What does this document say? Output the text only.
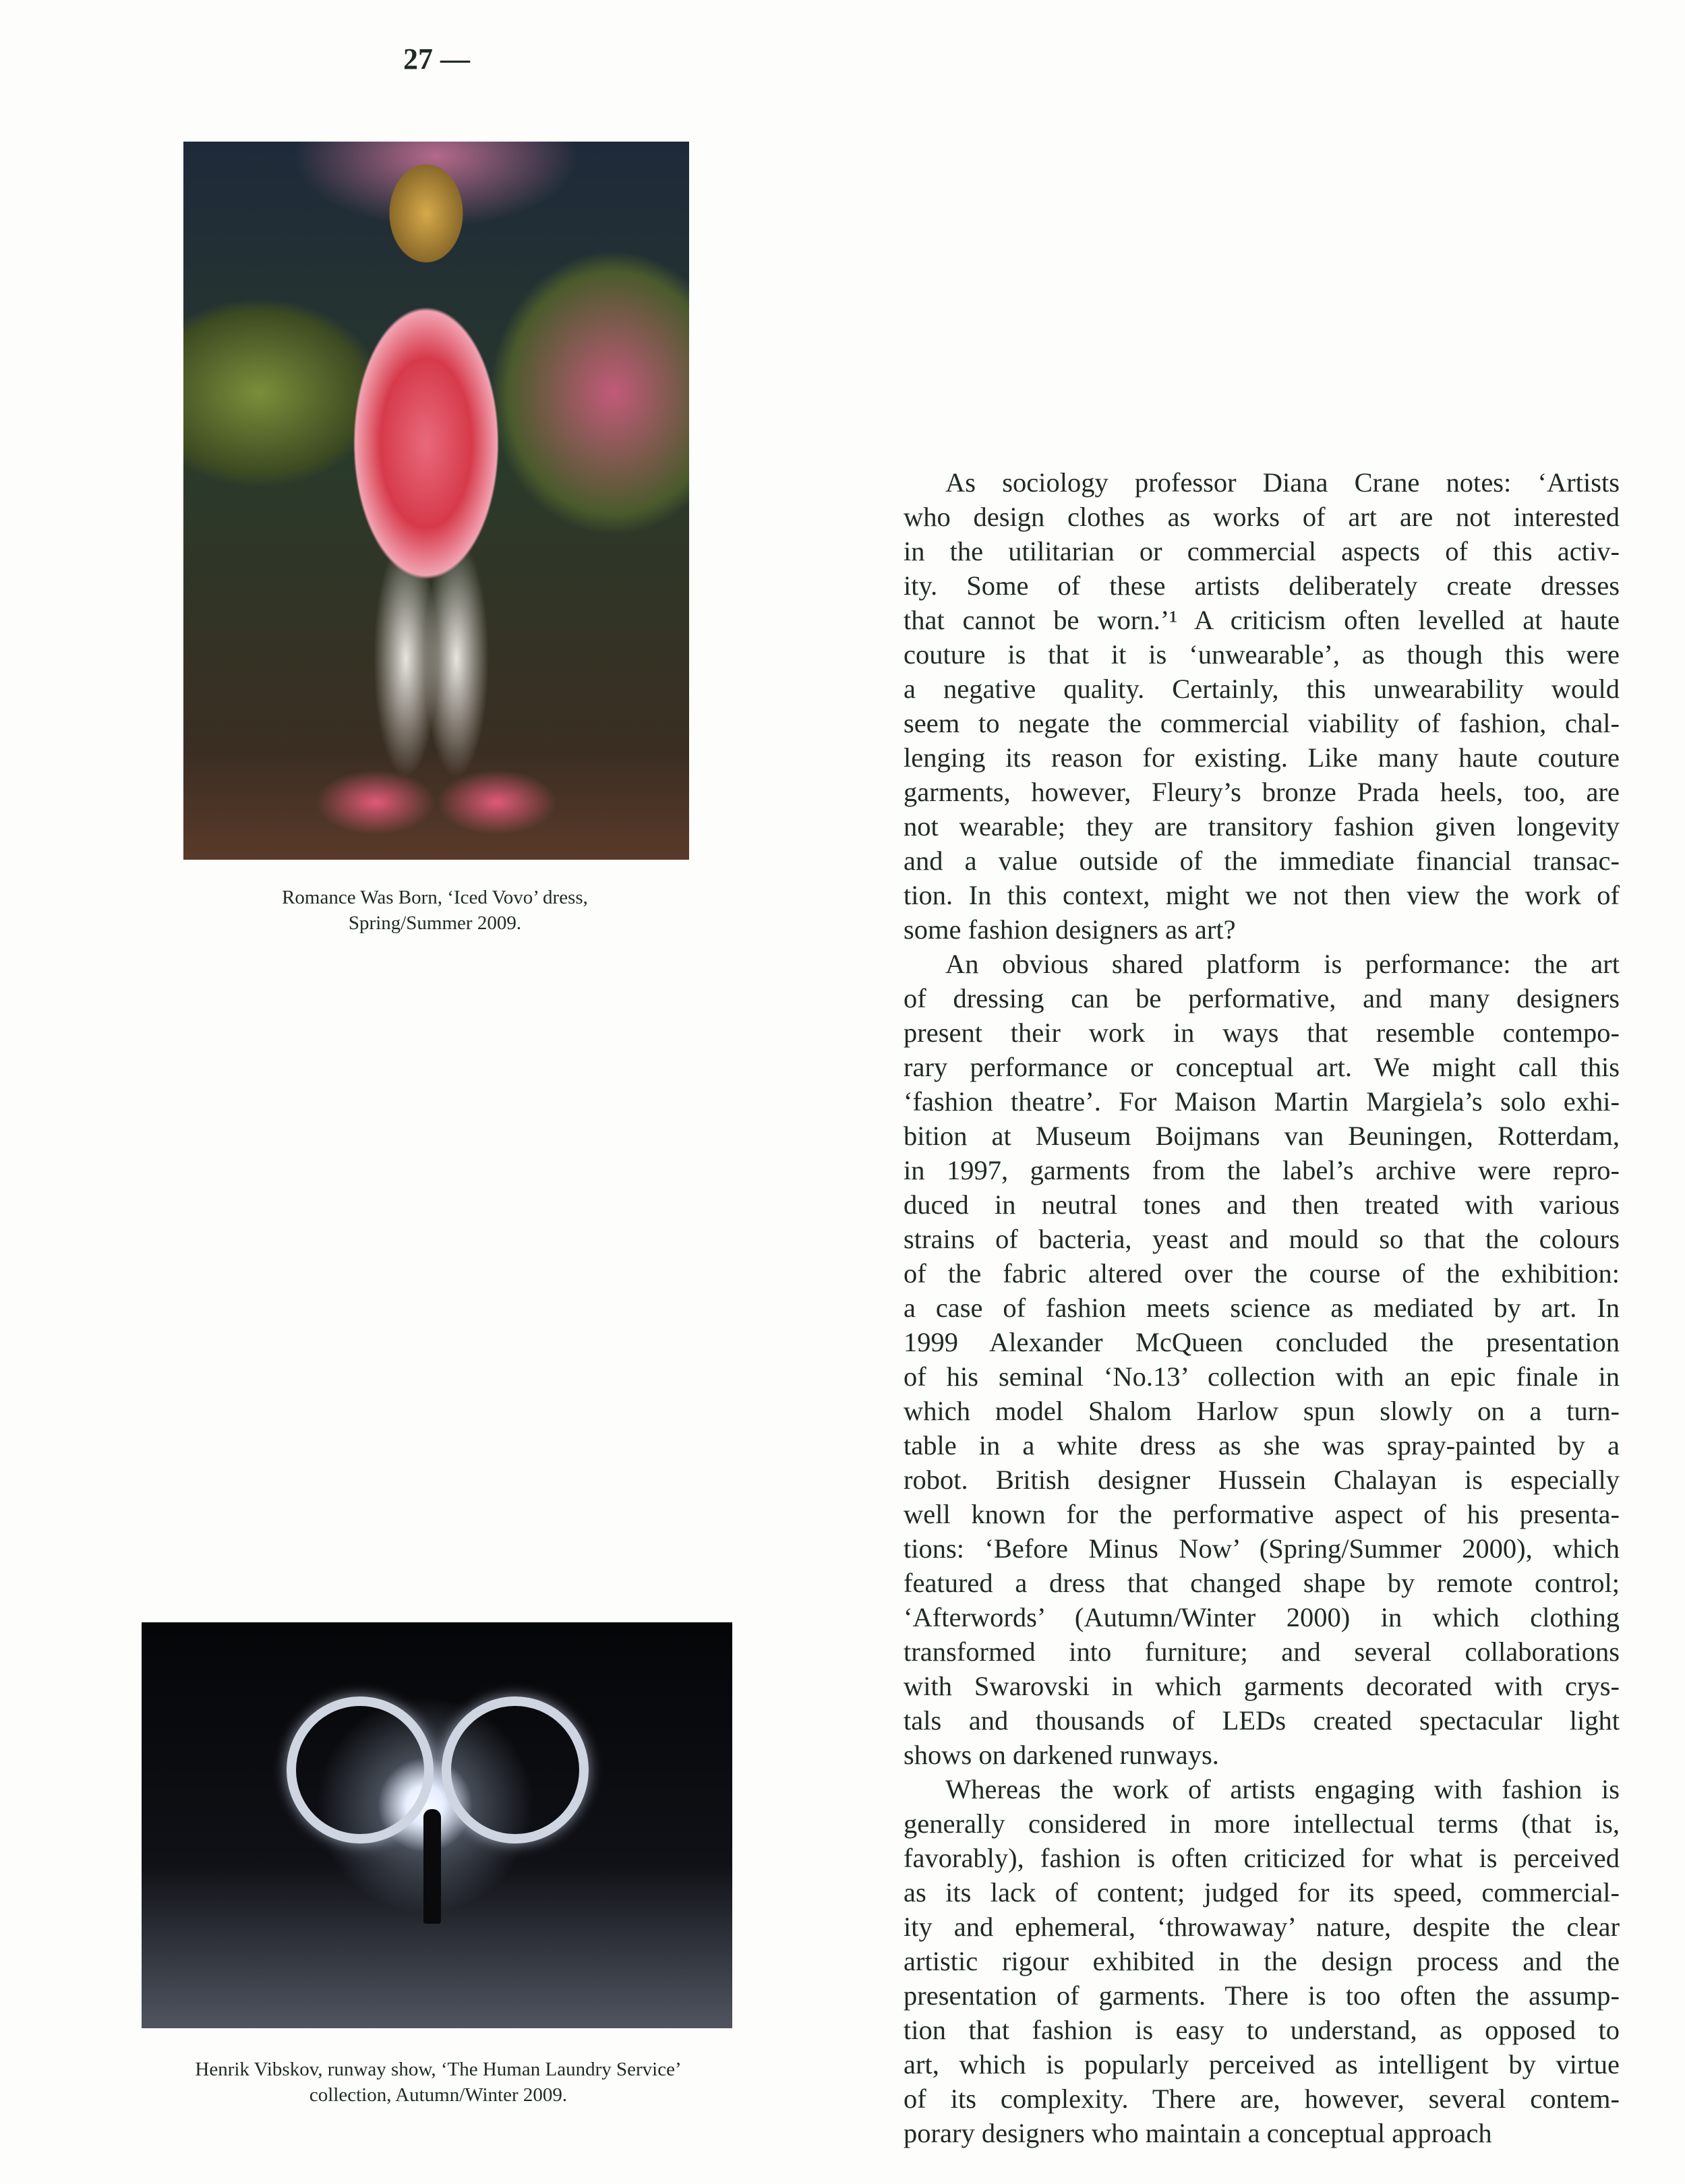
27 —
Romance Was Born, ‘Iced Vovo’ dress,
Spring/Summer 2009.
Henrik Vibskov, runway show, ‘The Human Laundry Service’
collection, Autumn/Winter 2009.
As sociology professor Diana Crane notes: ‘Artists
who design clothes as works of art are not interested
in the utilitarian or commercial aspects of this activ-
ity. Some of these artists deliberately create dresses
that cannot be worn.’¹ A criticism often levelled at haute
couture is that it is ‘unwearable’, as though this were
a negative quality. Certainly, this unwearability would
seem to negate the commercial viability of fashion, chal-
lenging its reason for existing. Like many haute couture
garments, however, Fleury’s bronze Prada heels, too, are
not wearable; they are transitory fashion given longevity
and a value outside of the immediate financial transac-
tion. In this context, might we not then view the work of
some fashion designers as art?
An obvious shared platform is performance: the art
of dressing can be performative, and many designers
present their work in ways that resemble contempo-
rary performance or conceptual art. We might call this
‘fashion theatre’. For Maison Martin Margiela’s solo exhi-
bition at Museum Boijmans van Beuningen, Rotterdam,
in 1997, garments from the label’s archive were repro-
duced in neutral tones and then treated with various
strains of bacteria, yeast and mould so that the colours
of the fabric altered over the course of the exhibition:
a case of fashion meets science as mediated by art. In
1999 Alexander McQueen concluded the presentation
of his seminal ‘No.13’ collection with an epic finale in
which model Shalom Harlow spun slowly on a turn-
table in a white dress as she was spray-painted by a
robot. British designer Hussein Chalayan is especially
well known for the performative aspect of his presenta-
tions: ‘Before Minus Now’ (Spring/Summer 2000), which
featured a dress that changed shape by remote control;
‘Afterwords’ (Autumn/Winter 2000) in which clothing
transformed into furniture; and several collaborations
with Swarovski in which garments decorated with crys-
tals and thousands of LEDs created spectacular light
shows on darkened runways.
Whereas the work of artists engaging with fashion is
generally considered in more intellectual terms (that is,
favorably), fashion is often criticized for what is perceived
as its lack of content; judged for its speed, commercial-
ity and ephemeral, ‘throwaway’ nature, despite the clear
artistic rigour exhibited in the design process and the
presentation of garments. There is too often the assump-
tion that fashion is easy to understand, as opposed to
art, which is popularly perceived as intelligent by virtue
of its complexity. There are, however, several contem-
porary designers who maintain a conceptual approach
